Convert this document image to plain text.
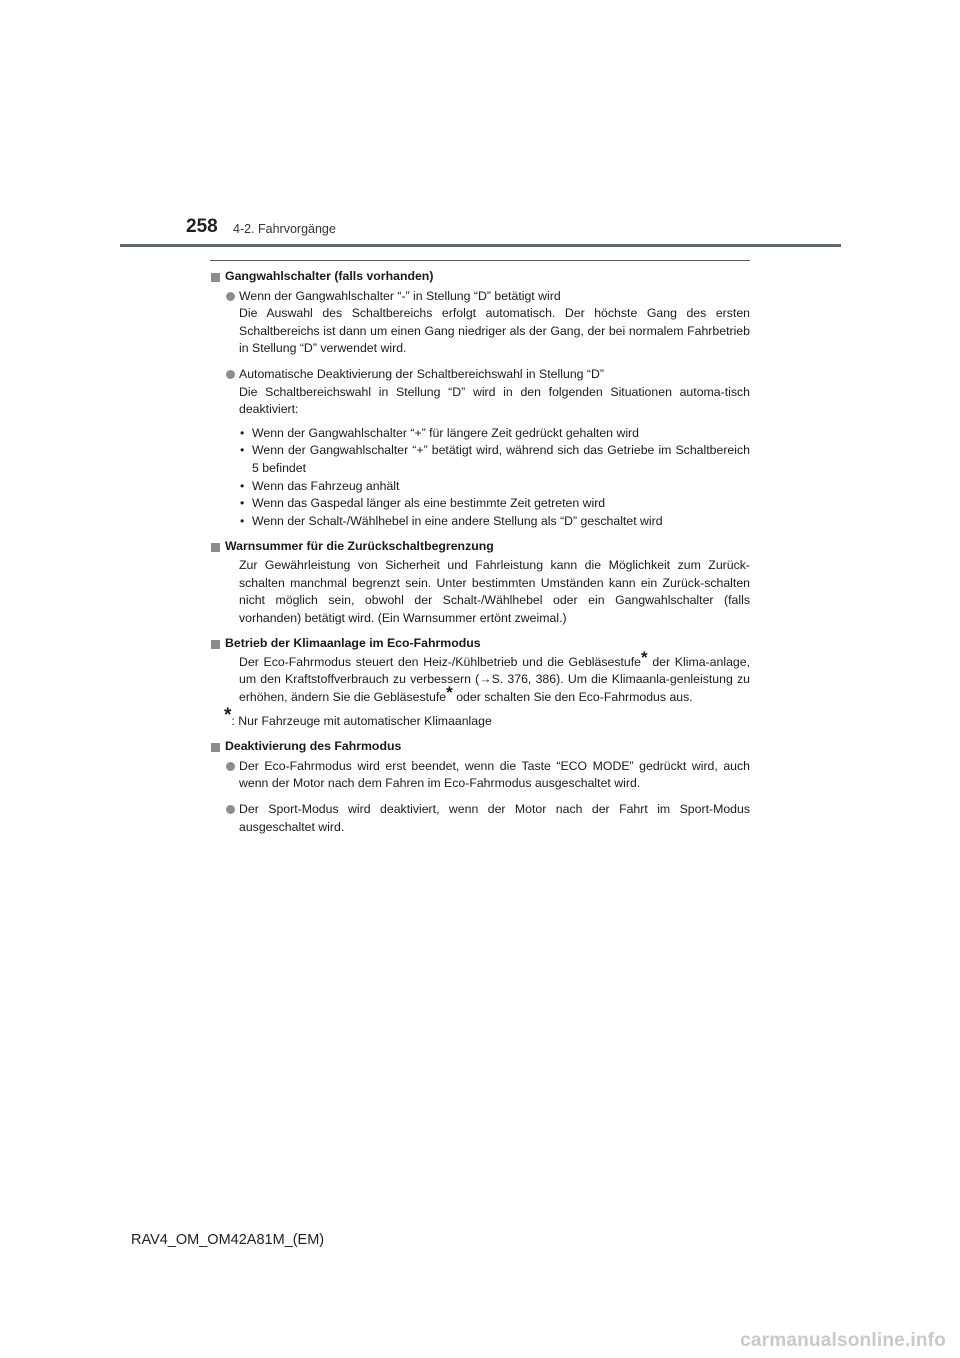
258 4-2. Fahrvorgänge
Gangwahlschalter (falls vorhanden)
Wenn der Gangwahlschalter “-” in Stellung “D” betätigt wird
Die Auswahl des Schaltbereichs erfolgt automatisch. Der höchste Gang des ersten Schaltbereichs ist dann um einen Gang niedriger als der Gang, der bei normalem Fahrbetrieb in Stellung “D” verwendet wird.
Automatische Deaktivierung der Schaltbereichswahl in Stellung “D”
Die Schaltbereichswahl in Stellung “D” wird in den folgenden Situationen automa-tisch deaktiviert:
• Wenn der Gangwahlschalter “+” für längere Zeit gedrückt gehalten wird
• Wenn der Gangwahlschalter “+” betätigt wird, während sich das Getriebe im Schaltbereich 5 befindet
• Wenn das Fahrzeug anhält
• Wenn das Gaspedal länger als eine bestimmte Zeit getreten wird
• Wenn der Schalt-/Wählhebel in eine andere Stellung als “D” geschaltet wird
Warnsummer für die Zurückschaltbegrenzung
Zur Gewährleistung von Sicherheit und Fahrleistung kann die Möglichkeit zum Zurück-schalten manchmal begrenzt sein. Unter bestimmten Umständen kann ein Zurück-schalten nicht möglich sein, obwohl der Schalt-/Wählhebel oder ein Gangwahlschalter (falls vorhanden) betätigt wird. (Ein Warnsummer ertönt zweimal.)
Betrieb der Klimaanlage im Eco-Fahrmodus
Der Eco-Fahrmodus steuert den Heiz-/Kühlbetrieb und die Gebläsestufe* der Klima-anlage, um den Kraftstoffverbrauch zu verbessern (→S. 376, 386). Um die Klimaanla-genleistung zu erhöhen, ändern Sie die Gebläsestufe* oder schalten Sie den Eco-Fahrmodus aus.
*: Nur Fahrzeuge mit automatischer Klimaanlage
Deaktivierung des Fahrmodus
Der Eco-Fahrmodus wird erst beendet, wenn die Taste “ECO MODE” gedrückt wird, auch wenn der Motor nach dem Fahren im Eco-Fahrmodus ausgeschaltet wird.
Der Sport-Modus wird deaktiviert, wenn der Motor nach der Fahrt im Sport-Modus ausgeschaltet wird.
RAV4_OM_OM42A81M_(EM)
carmanualsonline.info
